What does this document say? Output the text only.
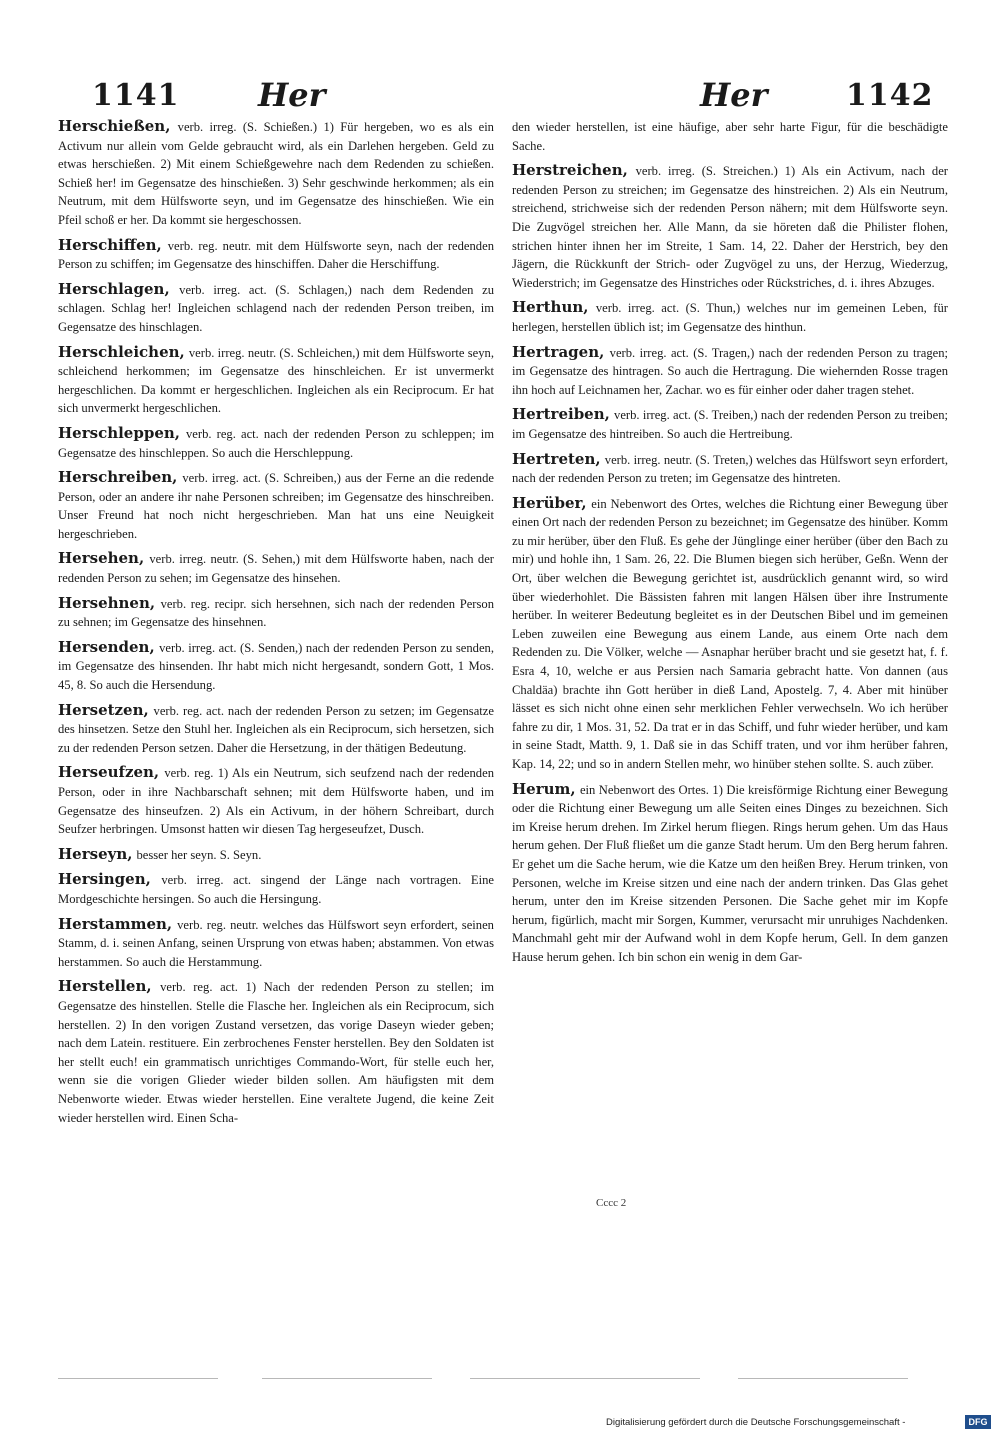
1141 Her	Her	1142

Herschießen, verb. irreg. (S. Schießen.) 1) Für hergeben, wo es als ein Activum nur allein vom Gelde gebraucht wird, als ein Darlehen hergeben. Geld zu etwas herschießen. 2) Mit einem Schießgewehre nach dem Redenden zu schießen. Schieß her! im Gegensatze des hinschießen. 3) Sehr geschwinde herkommen; als ein Neutrum, mit dem Hülfsworte seyn, und im Gegensatze des hinschießen. Wie ein Pfeil schoß er her. Da kommt sie hergeschossen.

Herschiffen, verb. reg. neutr. mit dem Hülfsworte seyn, nach der redenden Person zu schiffen; im Gegensatze des hinschiffen. Daher die Herschiffung.

Herschlagen, verb. irreg. act. (S. Schlagen,) nach dem Redenden zu schlagen. Schlag her! Ingleichen schlagend nach der redenden Person treiben, im Gegensatze des hinschlagen.

Herschleichen, verb. irreg. neutr. (S. Schleichen,) mit dem Hülfsworte seyn, schleichend herkommen; im Gegensatze des hinschleichen. Er ist unvermerkt hergeschlichen. Da kommt er hergeschlichen. Ingleichen als ein Reciprocum. Er hat sich unvermerkt hergeschlichen.

Herschleppen, verb. reg. act. nach der redenden Person zu schleppen; im Gegensatze des hinschleppen. So auch die Herschleppung.

Herschreiben, verb. irreg. act. (S. Schreiben,) aus der Ferne an die redende Person, oder an andere ihr nahe Personen schreiben; im Gegensatze des hinschreiben. Unser Freund hat noch nicht hergeschrieben. Man hat uns eine Neuigkeit hergeschrieben.

Hersehen, verb. irreg. neutr. (S. Sehen,) mit dem Hülfsworte haben, nach der redenden Person zu sehen; im Gegensatze des hinsehen.

Hersehnen, verb. reg. recipr. sich hersehnen, sich nach der redenden Person zu sehnen; im Gegensatze des hinsehnen.

Hersenden, verb. irreg. act. (S. Senden,) nach der redenden Person zu senden, im Gegensatze des hinsenden. Ihr habt mich nicht hergesandt, sondern Gott, 1 Mos. 45, 8. So auch die Hersendung.

Hersetzen, verb. reg. act. nach der redenden Person zu setzen; im Gegensatze des hinsetzen. Setze den Stuhl her. Ingleichen als ein Reciprocum, sich hersetzen, sich zu der redenden Person setzen. Daher die Hersetzung, in der thätigen Bedeutung.

Herseufzen, verb. reg. 1) Als ein Neutrum, sich seufzend nach der redenden Person, oder in ihre Nachbarschaft sehnen; mit dem Hülfsworte haben, und im Gegensatze des hinseufzen. 2) Als ein Activum, in der höhern Schreibart, durch Seufzer herbringen. Umsonst hatten wir diesen Tag hergeseufzet, Dusch.

Herseyn, besser her seyn. S. Seyn.

Hersingen, verb. irreg. act. singend der Länge nach vortragen. Eine Mordgeschichte hersingen. So auch die Hersingung.

Herstammen, verb. reg. neutr. welches das Hülfswort seyn erfordert, seinen Stamm, d. i. seinen Anfang, seinen Ursprung von etwas haben; abstammen. Von etwas herstammen. So auch die Herstammung.

Herstellen, verb. reg. act. 1) Nach der redenden Person zu stellen; im Gegensatze des hinstellen. Stelle die Flasche her. Ingleichen als ein Reciprocum, sich herstellen. 2) In den vorigen Zustand versetzen, das vorige Daseyn wieder geben; nach dem Latein. restituere. Ein zerbrochenes Fenster herstellen. Bey den Soldaten ist her stellt euch! ein grammatisch unrichtiges Commando-Wort, für stelle euch her, wenn sie die vorigen Glieder wieder bilden sollen. Am häufigsten mit dem Nebenworte wieder. Etwas wieder herstellen. Eine veraltete Jugend, die keine Zeit wieder herstellen wird. Einen Scha-

den wieder herstellen, ist eine häufige, aber sehr harte Figur, für die beschädigte Sache.

Herstreichen, verb. irreg. (S. Streichen.) 1) Als ein Activum, nach der redenden Person zu streichen; im Gegensatze des hinstreichen. 2) Als ein Neutrum, streichend, strichweise sich der redenden Person nähern; mit dem Hülfsworte seyn. Die Zugvögel streichen her. Alle Mann, da sie höreten daß die Philister flohen, strichen hinter ihnen her im Streite, 1 Sam. 14, 22. Daher der Herstrich, bey den Jägern, die Rückkunft der Strich- oder Zugvögel zu uns, der Herzug, Wiederzug, Wiederstrich; im Gegensatze des Hinstriches oder Rückstriches, d. i. ihres Abzuges.

Herthun, verb. irreg. act. (S. Thun,) welches nur im gemeinen Leben, für herlegen, herstellen üblich ist; im Gegensatze des hinthun.

Hertragen, verb. irreg. act. (S. Tragen,) nach der redenden Person zu tragen; im Gegensatze des hintragen. So auch die Hertragung. Die wiehernden Rosse tragen ihn hoch auf Leichnamen her, Zachar. wo es für einher oder daher tragen stehet.

Hertreiben, verb. irreg. act. (S. Treiben,) nach der redenden Person zu treiben; im Gegensatze des hintreiben. So auch die Hertreibung.

Hertreten, verb. irreg. neutr. (S. Treten,) welches das Hülfswort seyn erfordert, nach der redenden Person zu treten; im Gegensatze des hintreten.

Herüber, ein Nebenwort des Ortes, welches die Richtung einer Bewegung über einen Ort nach der redenden Person zu bezeichnet; im Gegensatze des hinüber. Komm zu mir herüber, über den Fluß. Es gehe der Jünglinge einer herüber (über den Bach zu mir) und hohle ihn, 1 Sam. 26, 22. Die Blumen biegen sich herüber, Geßn. Wenn der Ort, über welchen die Bewegung gerichtet ist, ausdrücklich genannt wird, so wird über wiederhohlet. Die Bässisten fahren mit langen Hälsen über ihre Instrumente herüber. In weiterer Bedeutung begleitet es in der Deutschen Bibel und im gemeinen Leben zuweilen eine Bewegung aus einem Lande, aus einem Orte nach dem Redenden zu. Die Völker, welche — Asnaphar herüber bracht und sie gesetzt hat, f. f. Esra 4, 10, welche er aus Persien nach Samaria gebracht hatte. Von dannen (aus Chaldäa) brachte ihn Gott herüber in dieß Land, Apostelg. 7, 4. Aber mit hinüber lässet es sich nicht ohne einen sehr merklichen Fehler verwechseln. Wo ich herüber fahre zu dir, 1 Mos. 31, 52. Da trat er in das Schiff, und fuhr wieder herüber, und kam in seine Stadt, Matth. 9, 1. Daß sie in das Schiff traten, und vor ihm herüber fahren, Kap. 14, 22; und so in andern Stellen mehr, wo hinüber stehen sollte. S. auch züber.

Herum, ein Nebenwort des Ortes. 1) Die kreisförmige Richtung einer Bewegung oder die Richtung einer Bewegung um alle Seiten eines Dinges zu bezeichnen. Sich im Kreise herum drehen. Im Zirkel herum fliegen. Rings herum gehen. Um das Haus herum gehen. Der Fluß fließet um die ganze Stadt herum. Um den Berg herum fahren. Er gehet um die Sache herum, wie die Katze um den heißen Brey. Herum trinken, von Personen, welche im Kreise sitzen und eine nach der andern trinken. Das Glas gehet herum, unter den im Kreise sitzenden Personen. Die Sache gehet mir im Kopfe herum, figürlich, macht mir Sorgen, Kummer, verursacht mir unruhiges Nachdenken. Manchmahl geht mir der Aufwand wohl in dem Kopfe herum, Gell. In dem ganzen Hause herum gehen. Ich bin schon ein wenig in dem Gar-

Cccc 2
Digitalisierung gefördert durch die Deutsche Forschungsgemeinschaft -	DFG
